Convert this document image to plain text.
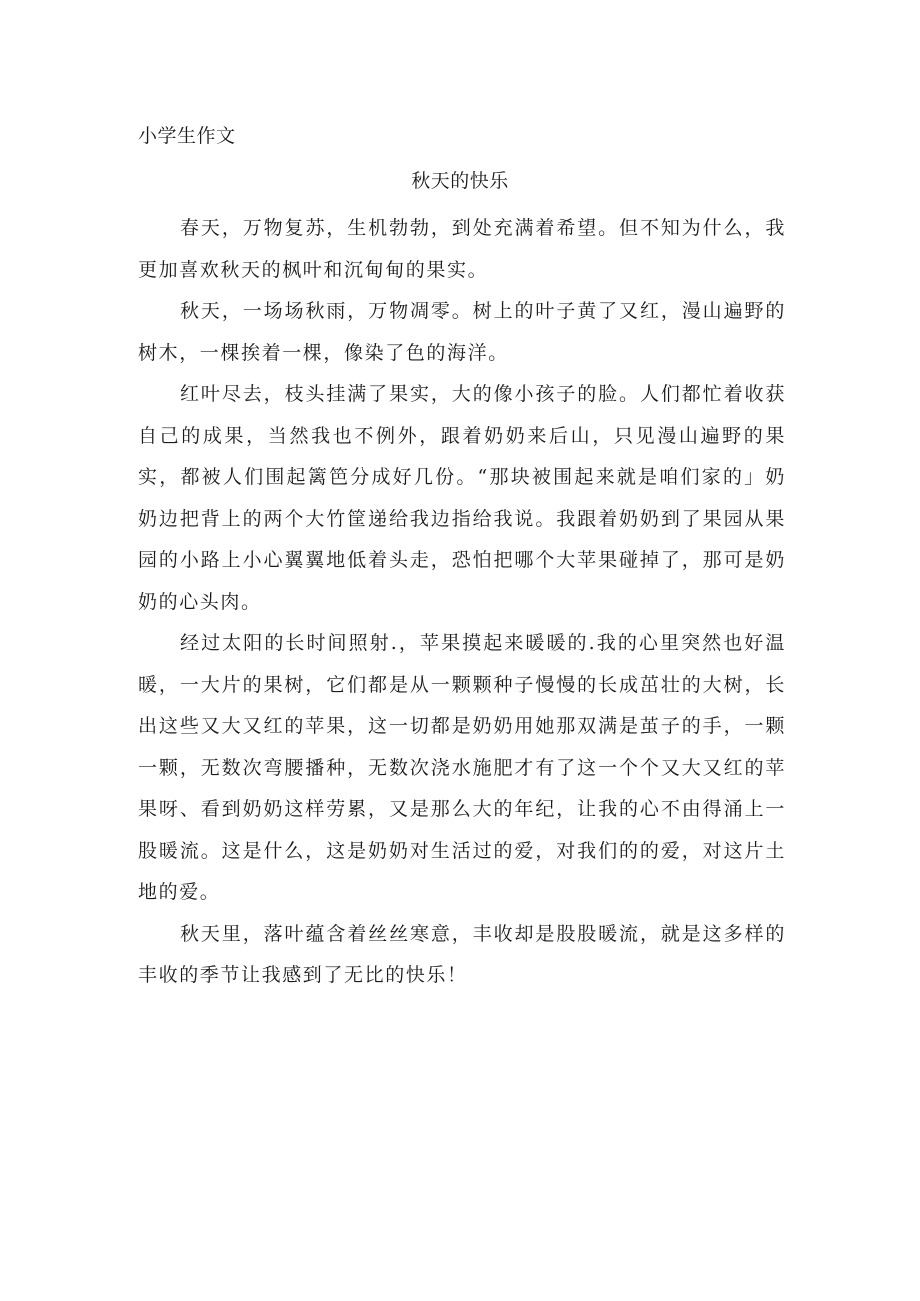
小学生作文
秋天的快乐

春天，万物复苏，生机勃勃，到处充满着希望。但不知为什么，我更加喜欢秋天的枫叶和沉甸甸的果实。

秋天，一场场秋雨，万物凋零。树上的叶子黄了又红，漫山遍野的树木，一棵挨着一棵，像染了色的海洋。

红叶尽去，枝头挂满了果实，大的像小孩子的脸。人们都忙着收获自己的成果，当然我也不例外，跟着奶奶来后山，只见漫山遍野的果实，都被人们围起篱笆分成好几份。“那块被围起来就是咱们家的」奶奶边把背上的两个大竹筐递给我边指给我说。我跟着奶奶到了果园从果园的小路上小心翼翼地低着头走，恐怕把哪个大苹果碰掉了，那可是奶奶的心头肉。

经过太阳的长时间照射.，苹果摸起来暖暖的.我的心里突然也好温暖，一大片的果树，它们都是从一颗颗种子慢慢的长成茁壮的大树，长出这些又大又红的苹果，这一切都是奶奶用她那双满是茧子的手，一颗一颗，无数次弯腰播种，无数次浇水施肥才有了这一个个又大又红的苹果呀、看到奶奶这样劳累，又是那么大的年纪，让我的心不由得涌上一股暖流。这是什么，这是奶奶对生活过的爱，对我们的的爱，对这片土地的爱。

秋天里，落叶蕴含着丝丝寒意，丰收却是股股暖流，就是这多样的丰收的季节让我感到了无比的快乐！
